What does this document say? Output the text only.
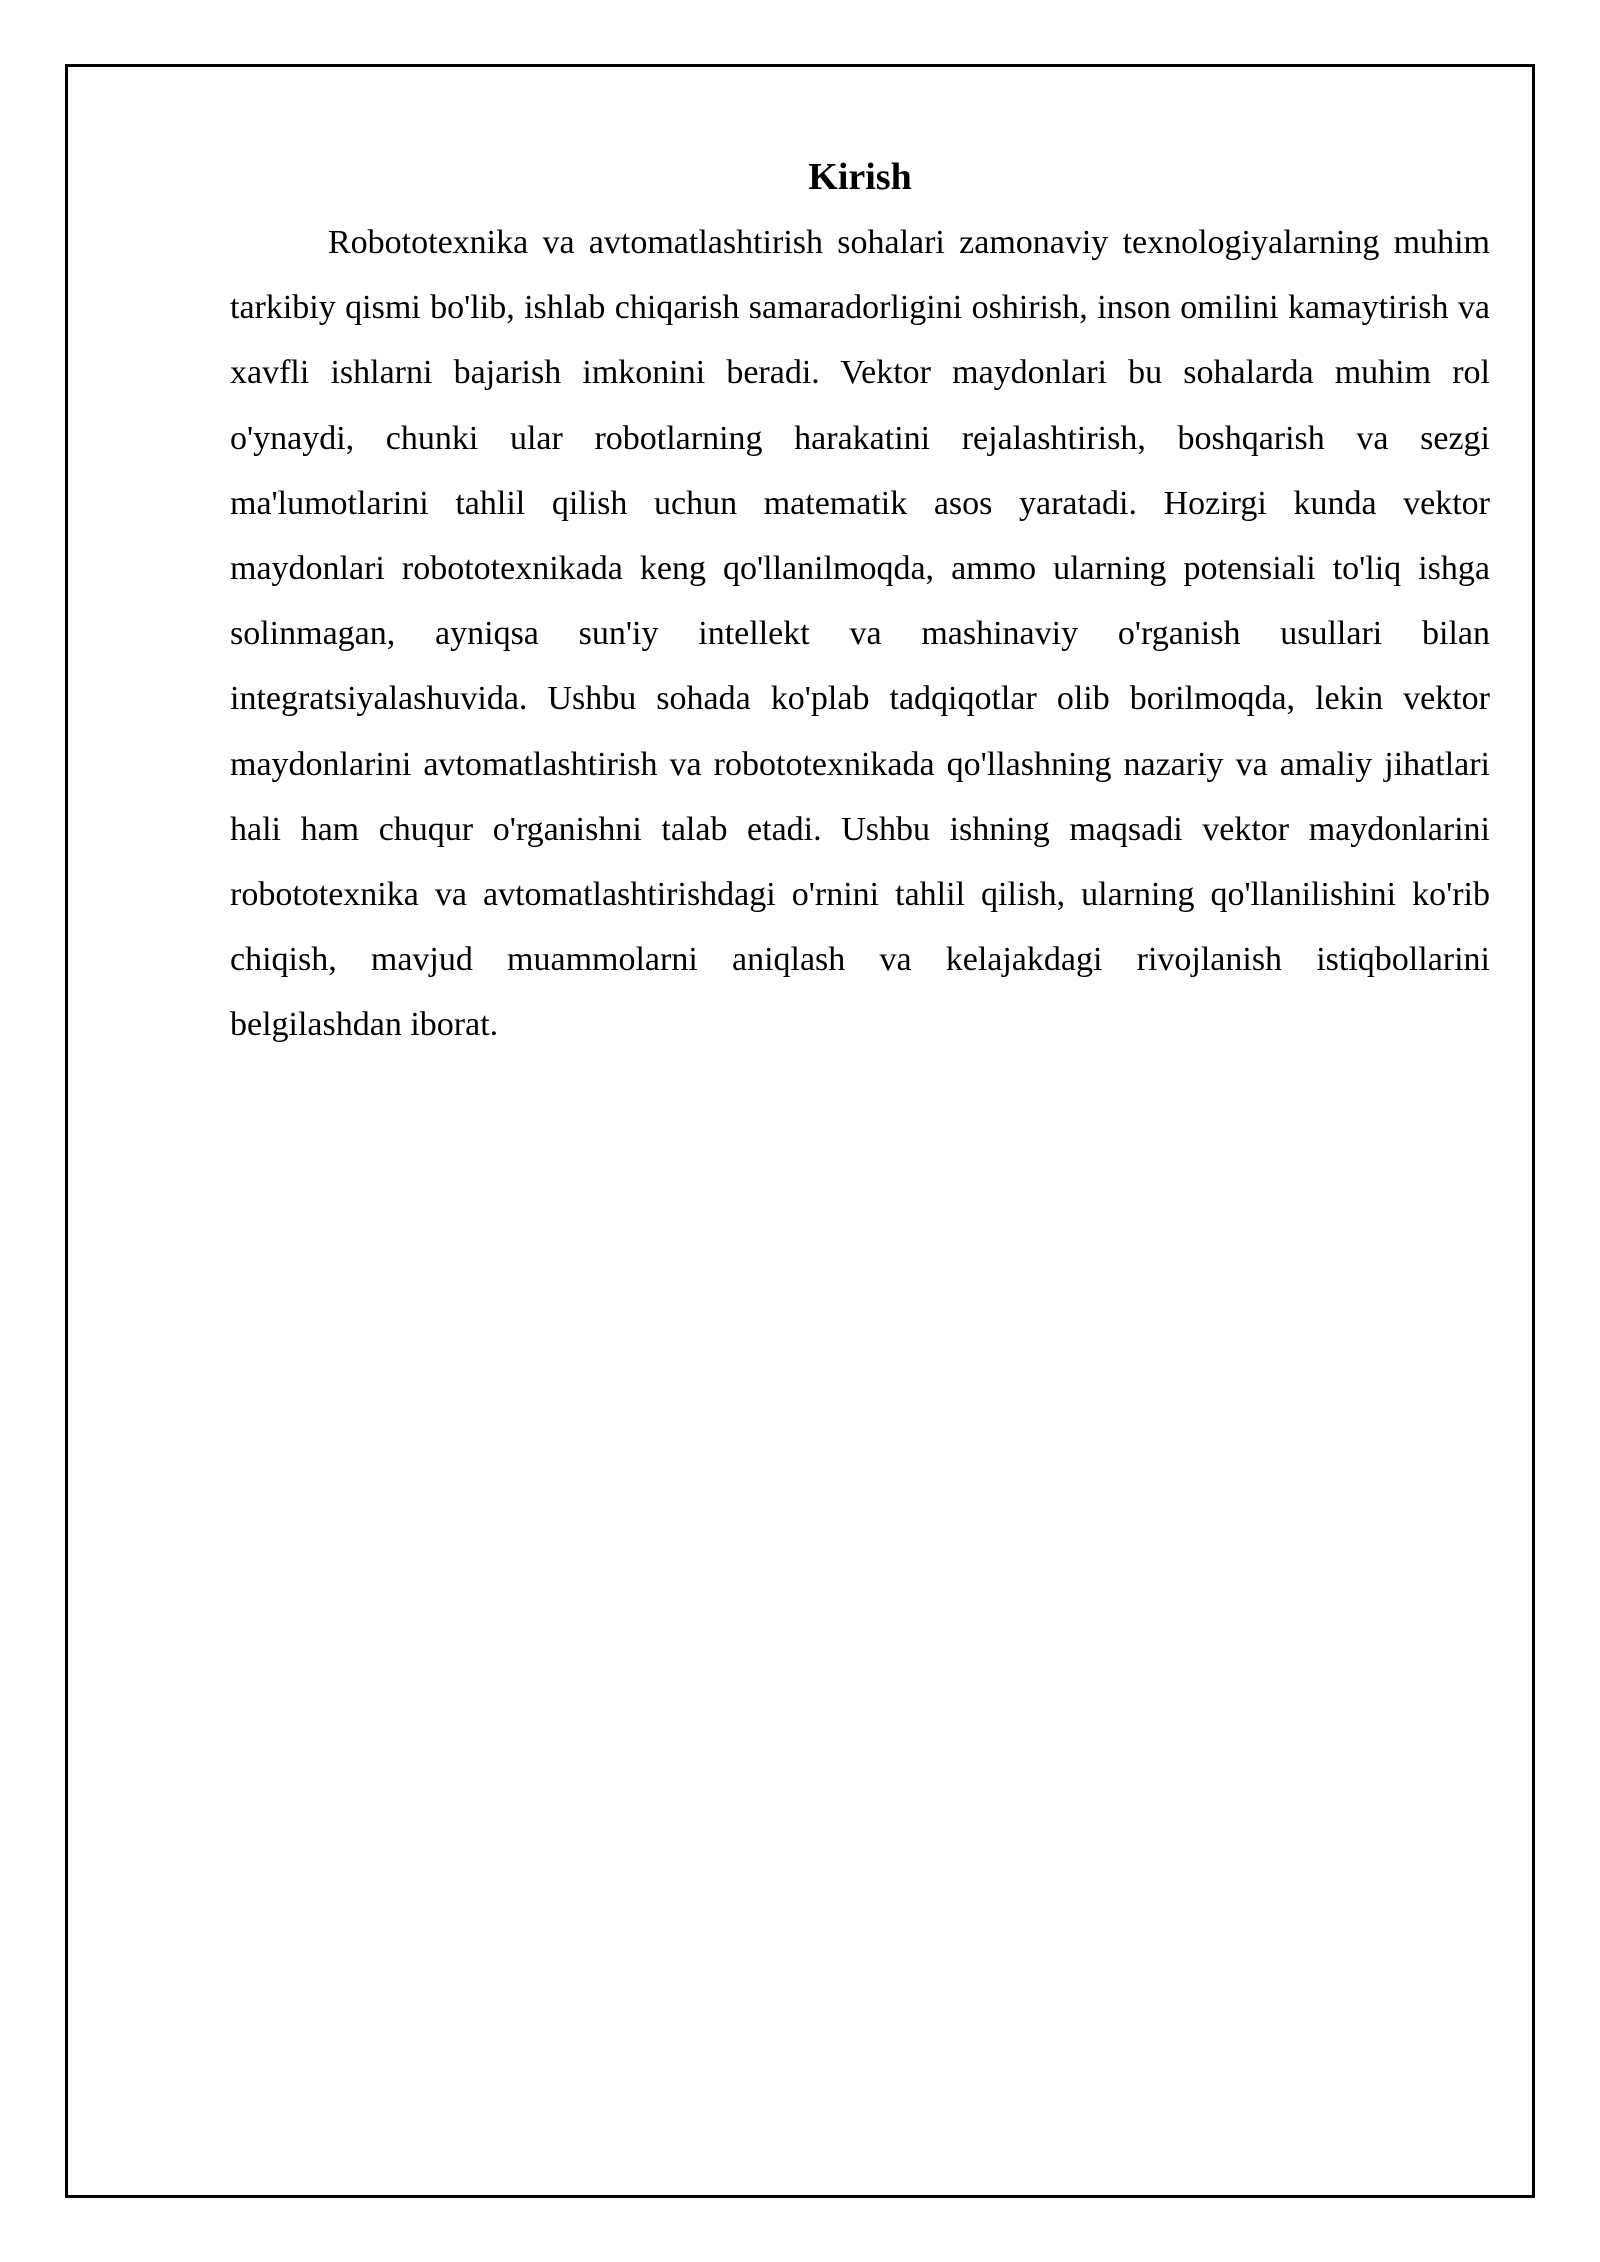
Kirish

Robototexnika va avtomatlashtirish sohalari zamonaviy texnologiyalarning muhim tarkibiy qismi bo'lib, ishlab chiqarish samaradorligini oshirish, inson omilini kamaytirish va xavfli ishlarni bajarish imkonini beradi. Vektor maydonlari bu sohalarda muhim rol o'ynaydi, chunki ular robotlarning harakatini rejalashtirish, boshqarish va sezgi ma'lumotlarini tahlil qilish uchun matematik asos yaratadi. Hozirgi kunda vektor maydonlari robototexnikada keng qo'llanilmoqda, ammo ularning potensiali to'liq ishga solinmagan, ayniqsa sun'iy intellekt va mashinaviy o'rganish usullari bilan integratsiyalashuvida. Ushbu sohada ko'plab tadqiqotlar olib borilmoqda, lekin vektor maydonlarini avtomatlashtirish va robototexnikada qo'llashning nazariy va amaliy jihatlari hali ham chuqur o'rganishni talab etadi. Ushbu ishning maqsadi vektor maydonlarini robototexnika va avtomatlashtirishdagi o'rnini tahlil qilish, ularning qo'llanilishini ko'rib chiqish, mavjud muammolarni aniqlash va kelajakdagi rivojlanish istiqbollarini belgilashdan iborat.
